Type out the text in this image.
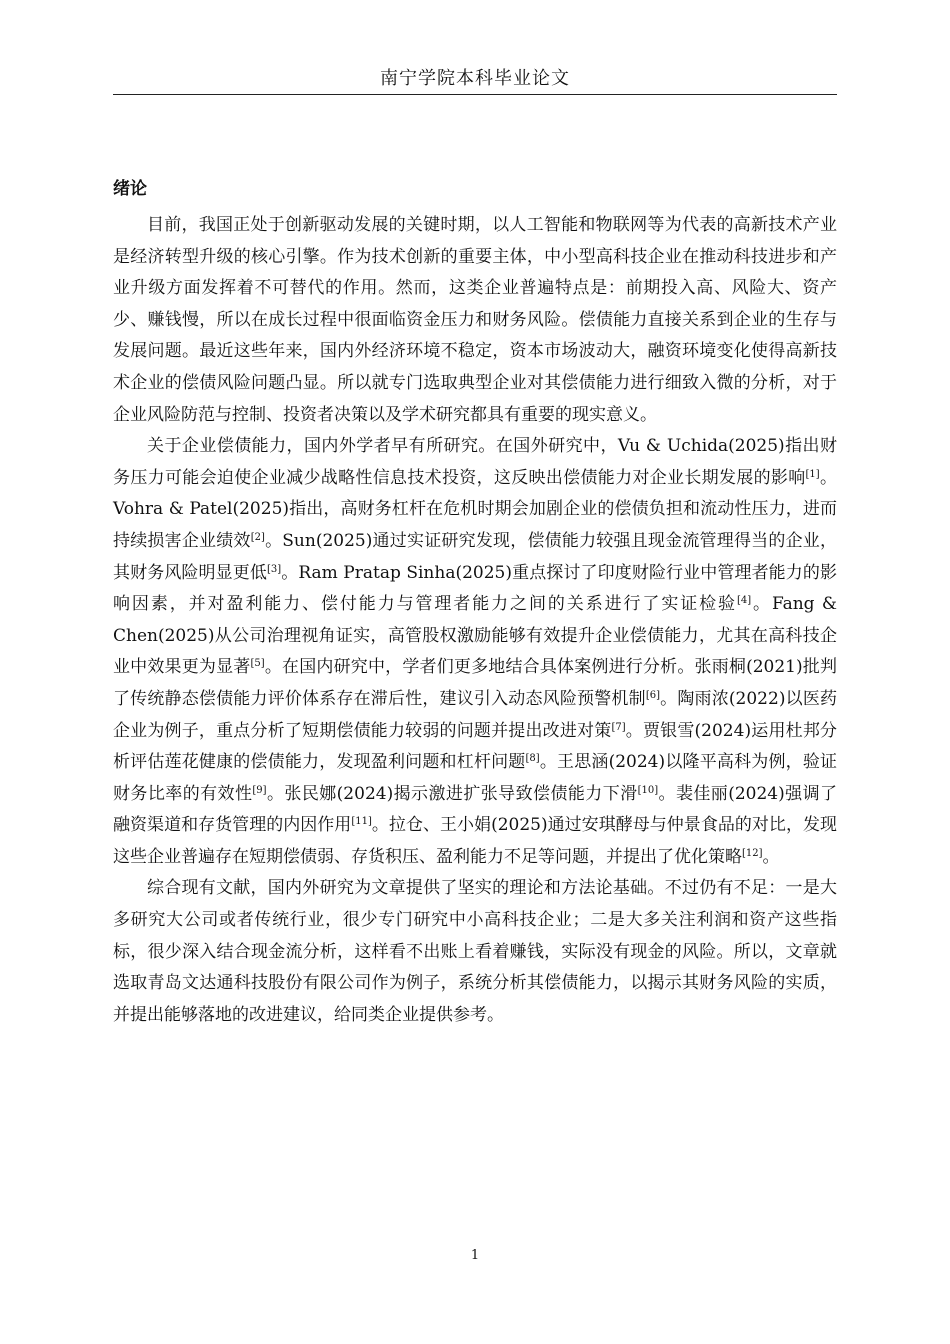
南宁学院本科毕业论文
绪论

目前，我国正处于创新驱动发展的关键时期，以人工智能和物联网等为代表的高新技术产业是经济转型升级的核心引擎。作为技术创新的重要主体，中小型高科技企业在推动科技进步和产业升级方面发挥着不可替代的作用。然而，这类企业普遍特点是：前期投入高、风险大、资产少、赚钱慢，所以在成长过程中很面临资金压力和财务风险。偿债能力直接关系到企业的生存与发展问题。最近这些年来，国内外经济环境不稳定，资本市场波动大，融资环境变化使得高新技术企业的偿债风险问题凸显。所以就专门选取典型企业对其偿债能力进行细致入微的分析，对于企业风险防范与控制、投资者决策以及学术研究都具有重要的现实意义。

关于企业偿债能力，国内外学者早有所研究。在国外研究中，Vu & Uchida(2025)指出财务压力可能会迫使企业减少战略性信息技术投资，这反映出偿债能力对企业长期发展的影响[1]。Vohra & Patel(2025)指出，高财务杠杆在危机时期会加剧企业的偿债负担和流动性压力，进而持续损害企业绩效[2]。Sun(2025)通过实证研究发现，偿债能力较强且现金流管理得当的企业，其财务风险明显更低[3]。Ram Pratap Sinha(2025)重点探讨了印度财险行业中管理者能力的影响因素，并对盈利能力、偿付能力与管理者能力之间的关系进行了实证检验[4]。Fang & Chen(2025)从公司治理视角证实，高管股权激励能够有效提升企业偿债能力，尤其在高科技企业中效果更为显著[5]。在国内研究中，学者们更多地结合具体案例进行分析。张雨桐(2021)批判了传统静态偿债能力评价体系存在滞后性，建议引入动态风险预警机制[6]。陶雨浓(2022)以医药企业为例子，重点分析了短期偿债能力较弱的问题并提出改进对策[7]。贾银雪(2024)运用杜邦分析评估莲花健康的偿债能力，发现盈利问题和杠杆问题[8]。王思涵(2024)以隆平高科为例，验证财务比率的有效性[9]。张民娜(2024)揭示激进扩张导致偿债能力下滑[10]。裴佳丽(2024)强调了融资渠道和存货管理的内因作用[11]。拉仓、王小娟(2025)通过安琪酵母与仲景食品的对比，发现这些企业普遍存在短期偿债弱、存货积压、盈利能力不足等问题，并提出了优化策略[12]。

综合现有文献，国内外研究为文章提供了坚实的理论和方法论基础。不过仍有不足：一是大多研究大公司或者传统行业，很少专门研究中小高科技企业；二是大多关注利润和资产这些指标，很少深入结合现金流分析，这样看不出账上看着赚钱，实际没有现金的风险。所以，文章就选取青岛文达通科技股份有限公司作为例子，系统分析其偿债能力，以揭示其财务风险的实质，并提出能够落地的改进建议，给同类企业提供参考。

1
